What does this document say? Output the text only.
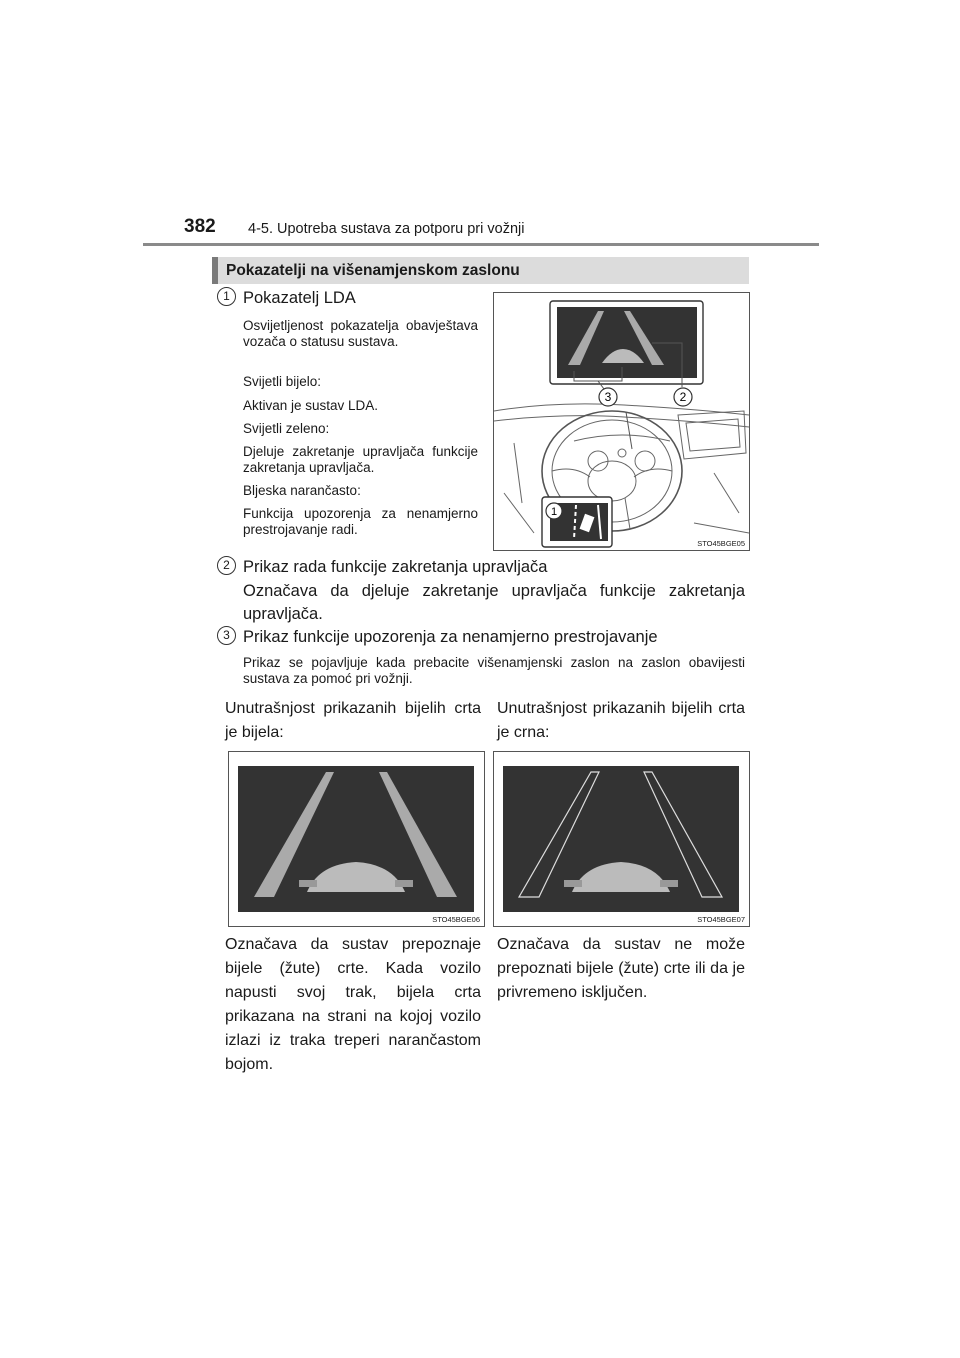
382 4-5. Upotreba sustava za potporu pri vožnji
Pokazatelji na višenamjenskom zaslonu
1 Pokazatelj LDA
Osvijetljenost pokazatelja obavještava vozača o statusu sustava.
Svijetli bijelo:
Aktivan je sustav LDA.
Svijetli zeleno:
Djeluje zakretanje upravljača funkcije zakretanja upravljača.
Bljeska narančasto:
Funkcija upozorenja za nenamjerno prestrojavanje radi.
3	2
1
STO45BGE05
2 Prikaz rada funkcije zakretanja upravljača
Označava da djeluje zakretanje upravljača funkcije zakretanja upravljača.
3 Prikaz funkcije upozorenja za nenamjerno prestrojavanje
Prikaz se pojavljuje kada prebacite višenamjenski zaslon na zaslon obavijesti sustava za pomoć pri vožnji.
Unutrašnjost prikazanih bijelih crta je bijela:
Unutrašnjost prikazanih bijelih crta je crna:
STO45BGE06	STO45BGE07
Označava da sustav prepoznaje bijele (žute) crte. Kada vozilo napusti svoj trak, bijela crta prikazana na strani na kojoj vozilo izlazi iz traka treperi narančastom bojom.
Označava da sustav ne može prepoznati bijele (žute) crte ili da je privremeno isključen.
